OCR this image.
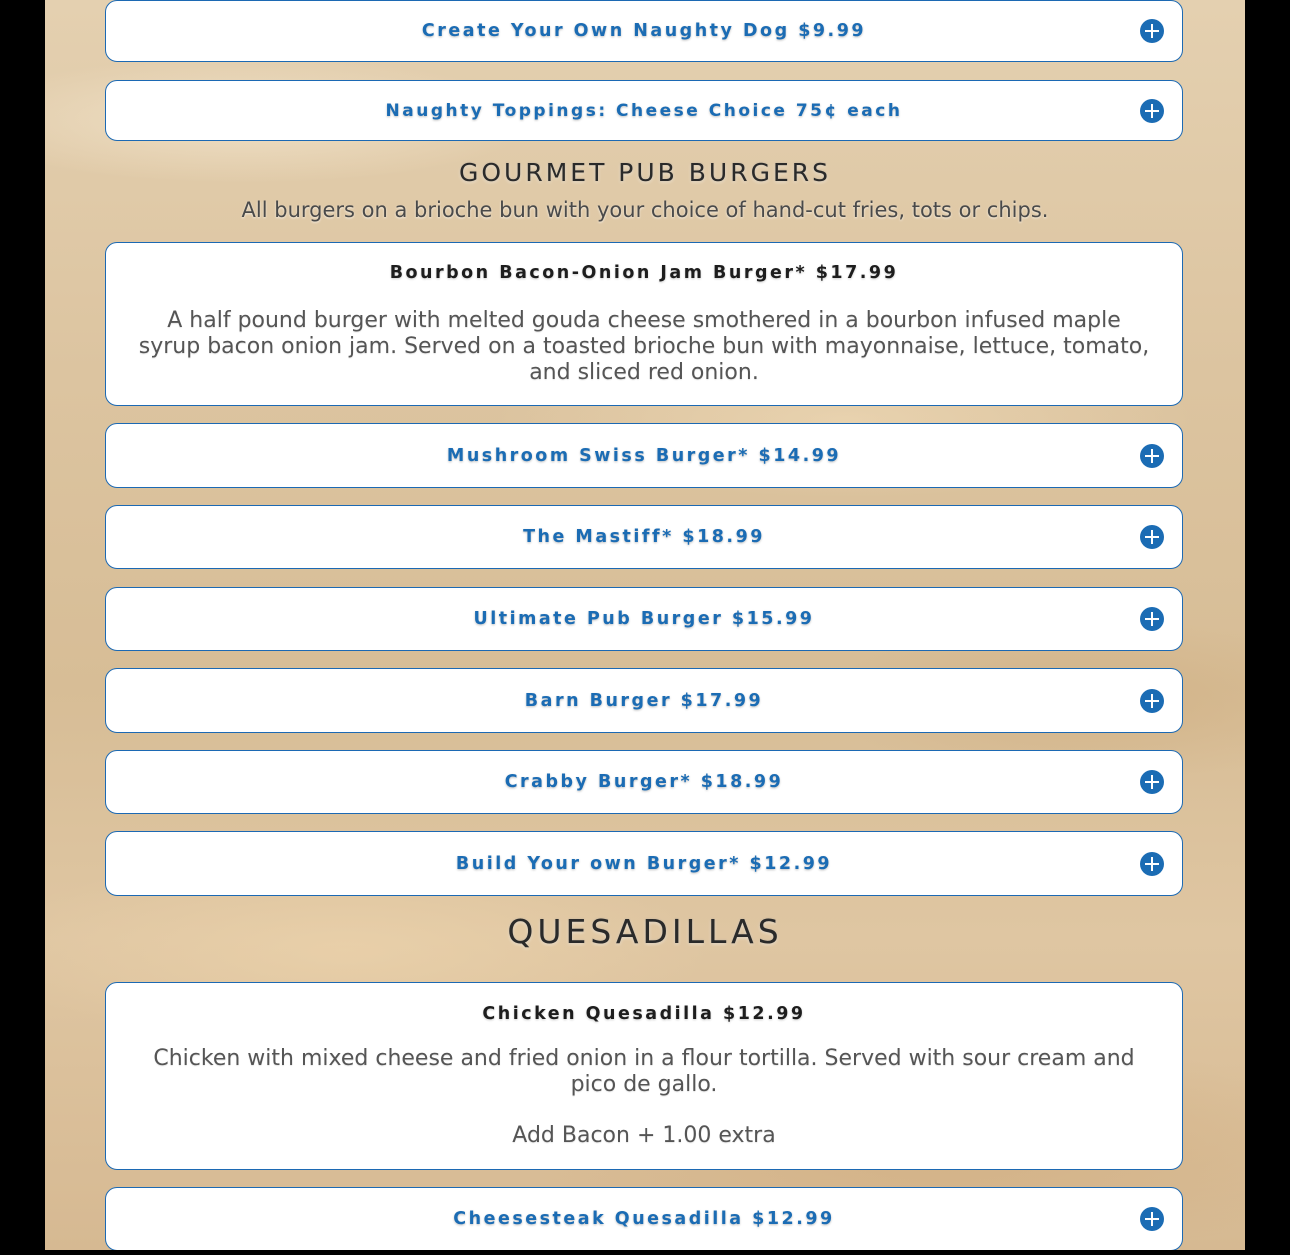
Create Your Own Naughty Dog $9.99
Naughty Toppings: Cheese Choice 75¢ each
GOURMET PUB BURGERS
All burgers on a brioche bun with your choice of hand-cut fries, tots or chips.
Bourbon Bacon-Onion Jam Burger* $17.99
A half pound burger with melted gouda cheese smothered in a bourbon infused maple syrup bacon onion jam. Served on a toasted brioche bun with mayonnaise, lettuce, tomato, and sliced red onion.
Mushroom Swiss Burger* $14.99
The Mastiff* $18.99
Ultimate Pub Burger $15.99
Barn Burger $17.99
Crabby Burger* $18.99
Build Your own Burger* $12.99
QUESADILLAS
Chicken Quesadilla $12.99
Chicken with mixed cheese and fried onion in a flour tortilla. Served with sour cream and pico de gallo.
Add Bacon + 1.00 extra
Cheesesteak Quesadilla $12.99
